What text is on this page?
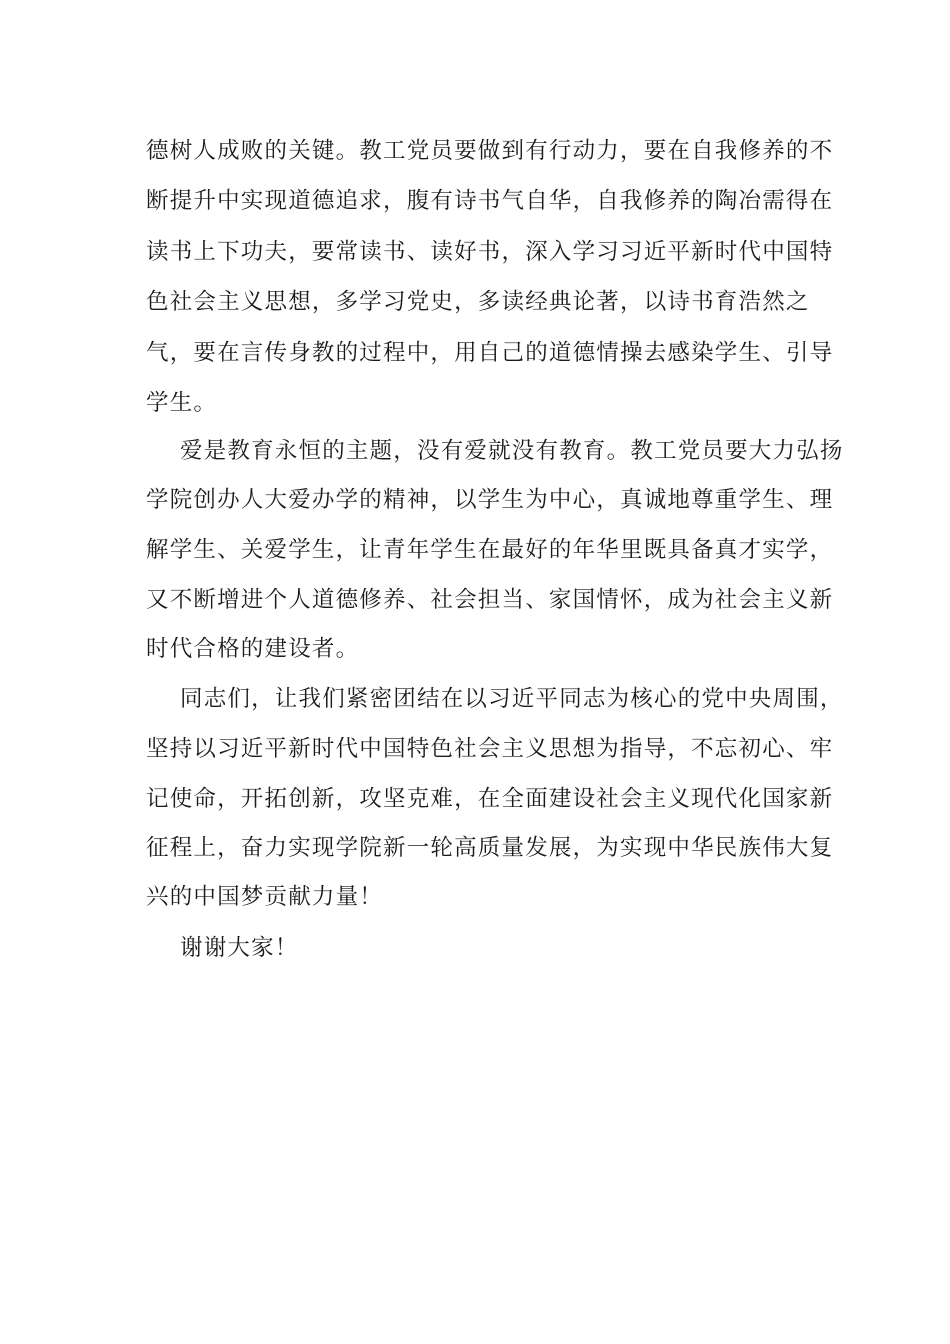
德树人成败的关键。教工党员要做到有行动力，要在自我修养的不
断提升中实现道德追求，腹有诗书气自华，自我修养的陶冶需得在
读书上下功夫，要常读书、读好书，深入学习习近平新时代中国特
色社会主义思想，多学习党史，多读经典论著，以诗书育浩然之
气，要在言传身教的过程中，用自己的道德情操去感染学生、引导
学生。
爱是教育永恒的主题，没有爱就没有教育。教工党员要大力弘扬
学院创办人大爱办学的精神，以学生为中心，真诚地尊重学生、理
解学生、关爱学生，让青年学生在最好的年华里既具备真才实学，
又不断增进个人道德修养、社会担当、家国情怀，成为社会主义新
时代合格的建设者。
同志们，让我们紧密团结在以习近平同志为核心的党中央周围，
坚持以习近平新时代中国特色社会主义思想为指导，不忘初心、牢
记使命，开拓创新，攻坚克难，在全面建设社会主义现代化国家新
征程上，奋力实现学院新一轮高质量发展，为实现中华民族伟大复
兴的中国梦贡献力量！
谢谢大家！
